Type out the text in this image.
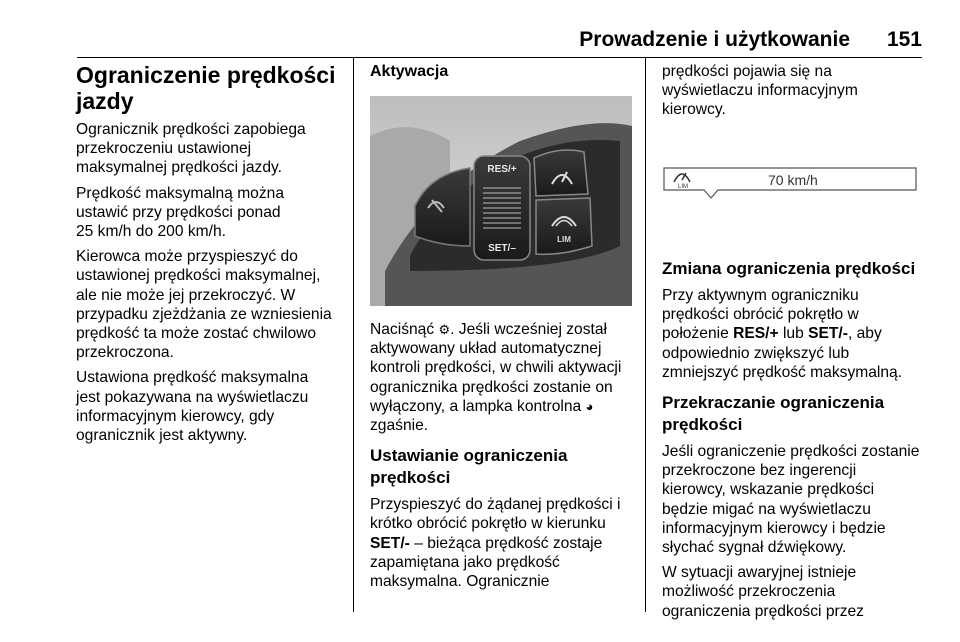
Prowadzenie i użytkowanie 151
Ograniczenie prędkości jazdy

Ogranicznik prędkości zapobiega
przekroczeniu ustawionej
maksymalnej prędkości jazdy.

Prędkość maksymalną można
ustawić przy prędkości ponad
25 km/h do 200 km/h.

Kierowca może przyspieszyć do
ustawionej prędkości maksymalnej,
ale nie może jej przekroczyć. W
przypadku zjeżdżania ze wzniesienia
prędkość ta może zostać chwilowo
przekroczona.

Ustawiona prędkość maksymalna
jest pokazywana na wyświetlaczu
informacyjnym kierowcy, gdy
ogranicznik jest aktywny.

Aktywacja
RES/+
SET/–
LIM

Naciśnąć ⚙. Jeśli wcześniej został
aktywowany układ automatycznej
kontroli prędkości, w chwili aktywacji
ogranicznika prędkości zostanie on
wyłączony, a lampka kontrolna ◕
zgaśnie.

Ustawianie ograniczenia
prędkości

Przyspieszyć do żądanej prędkości i
krótko obrócić pokrętło w kierunku
SET/- – bieżąca prędkość zostaje
zapamiętana jako prędkość
maksymalna. Ogranicznie

prędkości pojawia się na
wyświetlaczu informacyjnym
kierowcy.

LIM	70 km/h
Zmiana ograniczenia prędkości

Przy aktywnym ograniczniku
prędkości obrócić pokrętło w
położenie RES/+ lub SET/-, aby
odpowiednio zwiększyć lub
zmniejszyć prędkość maksymalną.

Przekraczanie ograniczenia
prędkości

Jeśli ograniczenie prędkości zostanie
przekroczone bez ingerencji
kierowcy, wskazanie prędkości
będzie migać na wyświetlaczu
informacyjnym kierowcy i będzie
słychać sygnał dźwiękowy.

W sytuacji awaryjnej istnieje
możliwość przekroczenia
ograniczenia prędkości przez
